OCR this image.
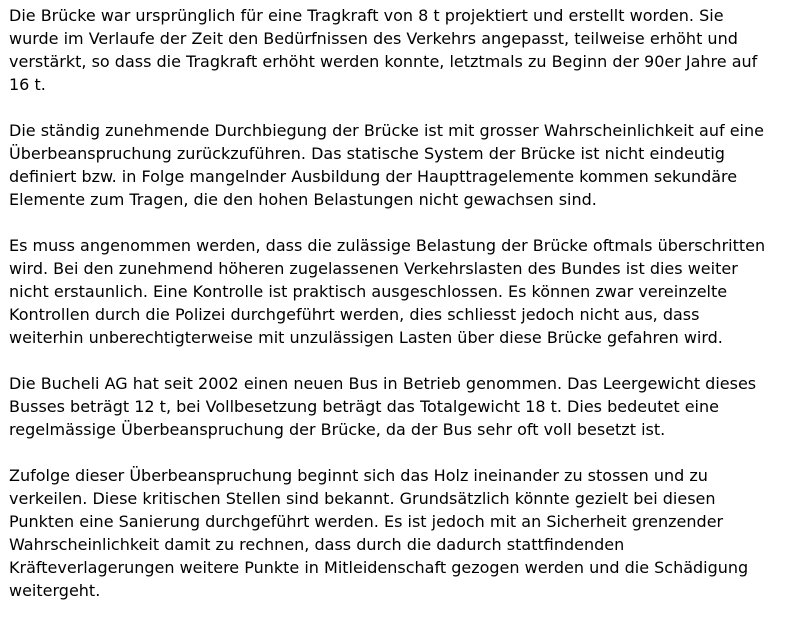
Die Brücke war ursprünglich für eine Tragkraft von 8 t projektiert und erstellt worden. Sie
wurde im Verlaufe der Zeit den Bedürfnissen des Verkehrs angepasst, teilweise erhöht und
verstärkt, so dass die Tragkraft erhöht werden konnte, letztmals zu Beginn der 90er Jahre auf
16 t.

Die ständig zunehmende Durchbiegung der Brücke ist mit grosser Wahrscheinlichkeit auf eine
Überbeanspruchung zurückzuführen. Das statische System der Brücke ist nicht eindeutig
definiert bzw. in Folge mangelnder Ausbildung der Haupttragelemente kommen sekundäre
Elemente zum Tragen, die den hohen Belastungen nicht gewachsen sind.

Es muss angenommen werden, dass die zulässige Belastung der Brücke oftmals überschritten
wird. Bei den zunehmend höheren zugelassenen Verkehrslasten des Bundes ist dies weiter
nicht erstaunlich. Eine Kontrolle ist praktisch ausgeschlossen. Es können zwar vereinzelte
Kontrollen durch die Polizei durchgeführt werden, dies schliesst jedoch nicht aus, dass
weiterhin unberechtigterweise mit unzulässigen Lasten über diese Brücke gefahren wird.

Die Bucheli AG hat seit 2002 einen neuen Bus in Betrieb genommen. Das Leergewicht dieses
Busses beträgt 12 t, bei Vollbesetzung beträgt das Totalgewicht 18 t. Dies bedeutet eine
regelmässige Überbeanspruchung der Brücke, da der Bus sehr oft voll besetzt ist.

Zufolge dieser Überbeanspruchung beginnt sich das Holz ineinander zu stossen und zu
verkeilen. Diese kritischen Stellen sind bekannt. Grundsätzlich könnte gezielt bei diesen
Punkten eine Sanierung durchgeführt werden. Es ist jedoch mit an Sicherheit grenzender
Wahrscheinlichkeit damit zu rechnen, dass durch die dadurch stattfindenden
Kräfteverlagerungen weitere Punkte in Mitleidenschaft gezogen werden und die Schädigung
weitergeht.
